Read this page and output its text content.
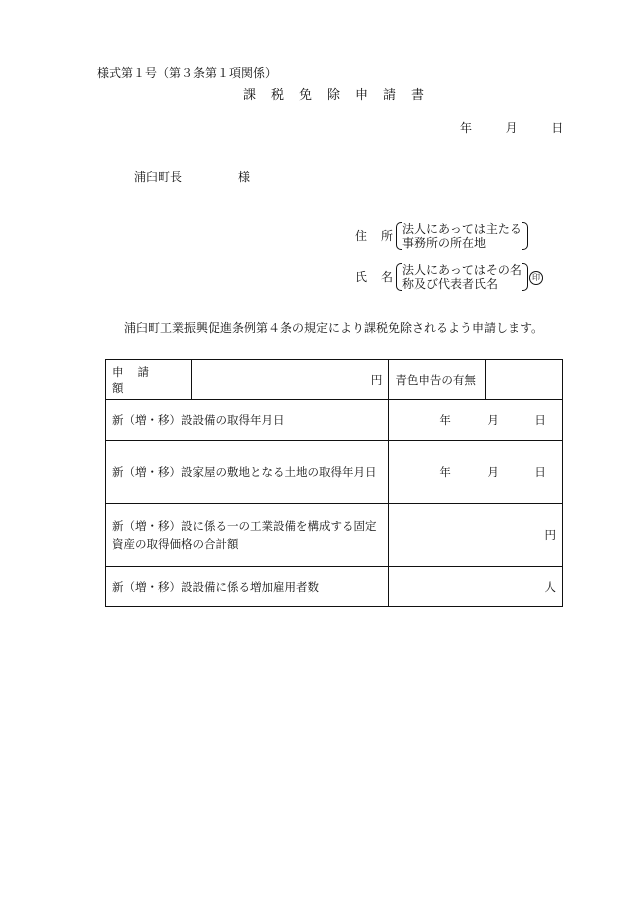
様式第１号（第３条第１項関係）
課税免除申請書
年	月	日
浦臼町長	様
住 所 法人にあっては主たる
事務所の所在地
氏 名 法人にあってはその名
称及び代表者氏名	印
浦臼町工業振興促進条例第４条の規定により課税免除されるよう申請します。
申請額	円	青色申告の有無	
新（増・移）設設備の取得年月日		年 月 日	

新（増・移）設家屋の敷地となる土地の取得年月日		年 月 日	

新（増・移）設に係る一の工業設備を構成する固定
資産の取得価格の合計額		円	
新（増・移）設設備に係る増加雇用者数		人	
